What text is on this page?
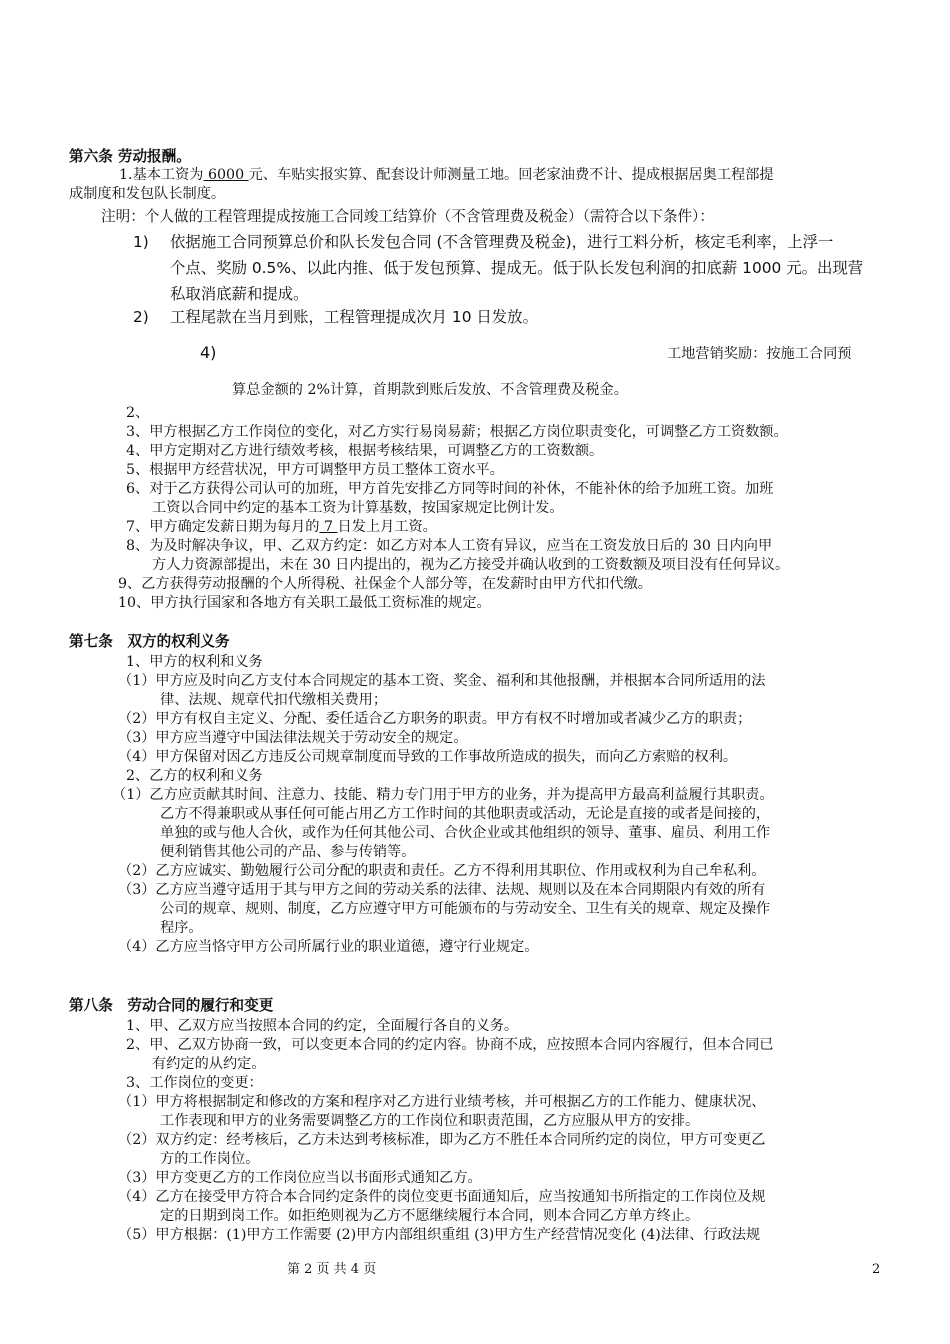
第六条 劳动报酬。
1.基本工资为 6000 元、车贴实报实算、配套设计师测量工地。回老家油费不计、提成根据居奥工程部提
成制度和发包队长制度。
注明：个人做的工程管理提成按施工合同竣工结算价（不含管理费及税金）（需符合以下条件）：
1) 依据施工合同预算总价和队长发包合同 (不含管理费及税金)，进行工料分析，核定毛利率，上浮一
个点、奖励 0.5%、以此内推、低于发包预算、提成无。低于队长发包利润的扣底薪 1000 元。出现营
私取消底薪和提成。
2) 工程尾款在当月到账，工程管理提成次月 10 日发放。
4)	工地营销奖励：按施工合同预
算总金额的 2%计算，首期款到账后发放、不含管理费及税金。
2、
3、甲方根据乙方工作岗位的变化，对乙方实行易岗易薪；根据乙方岗位职责变化，可调整乙方工资数额。
4、甲方定期对乙方进行绩效考核，根据考核结果，可调整乙方的工资数额。
5、根据甲方经营状况，甲方可调整甲方员工整体工资水平。
6、对于乙方获得公司认可的加班，甲方首先安排乙方同等时间的补休，不能补休的给予加班工资。加班
工资以合同中约定的基本工资为计算基数，按国家规定比例计发。
7、甲方确定发薪日期为每月的 7 日发上月工资。
8、为及时解决争议，甲、乙双方约定：如乙方对本人工资有异议，应当在工资发放日后的 30 日内向甲
方人力资源部提出，未在 30 日内提出的，视为乙方接受并确认收到的工资数额及项目没有任何异议。
9、乙方获得劳动报酬的个人所得税、社保金个人部分等，在发薪时由甲方代扣代缴。
10、甲方执行国家和各地方有关职工最低工资标准的规定。
第七条　双方的权利义务
1、甲方的权利和义务
（1）甲方应及时向乙方支付本合同规定的基本工资、奖金、福利和其他报酬，并根据本合同所适用的法
律、法规、规章代扣代缴相关费用；
（2）甲方有权自主定义、分配、委任适合乙方职务的职责。甲方有权不时增加或者减少乙方的职责；
（3）甲方应当遵守中国法律法规关于劳动安全的规定。
（4）甲方保留对因乙方违反公司规章制度而导致的工作事故所造成的损失，而向乙方索赔的权利。
2、乙方的权利和义务
（1）乙方应贡献其时间、注意力、技能、精力专门用于甲方的业务，并为提高甲方最高利益履行其职责。
乙方不得兼职或从事任何可能占用乙方工作时间的其他职责或活动，无论是直接的或者是间接的，
单独的或与他人合伙，或作为任何其他公司、合伙企业或其他组织的领导、董事、雇员、利用工作
便利销售其他公司的产品、参与传销等。
（2）乙方应诚实、勤勉履行公司分配的职责和责任。乙方不得利用其职位、作用或权利为自己牟私利。
（3）乙方应当遵守适用于其与甲方之间的劳动关系的法律、法规、规则以及在本合同期限内有效的所有
公司的规章、规则、制度，乙方应遵守甲方可能颁布的与劳动安全、卫生有关的规章、规定及操作
程序。
（4）乙方应当恪守甲方公司所属行业的职业道德，遵守行业规定。
第八条　劳动合同的履行和变更
1、甲、乙双方应当按照本合同的约定，全面履行各自的义务。
2、甲、乙双方协商一致，可以变更本合同的约定内容。协商不成，应按照本合同内容履行，但本合同已
有约定的从约定。
3、工作岗位的变更：
（1）甲方将根据制定和修改的方案和程序对乙方进行业绩考核，并可根据乙方的工作能力、健康状况、
工作表现和甲方的业务需要调整乙方的工作岗位和职责范围，乙方应服从甲方的安排。
（2）双方约定：经考核后，乙方未达到考核标准，即为乙方不胜任本合同所约定的岗位，甲方可变更乙
方的工作岗位。
（3）甲方变更乙方的工作岗位应当以书面形式通知乙方。
（4）乙方在接受甲方符合本合同约定条件的岗位变更书面通知后，应当按通知书所指定的工作岗位及规
定的日期到岗工作。如拒绝则视为乙方不愿继续履行本合同，则本合同乙方单方终止。
（5）甲方根据：(1)甲方工作需要 (2)甲方内部组织重组 (3)甲方生产经营情况变化 (4)法律、行政法规
第 2 页 共 4 页	2
